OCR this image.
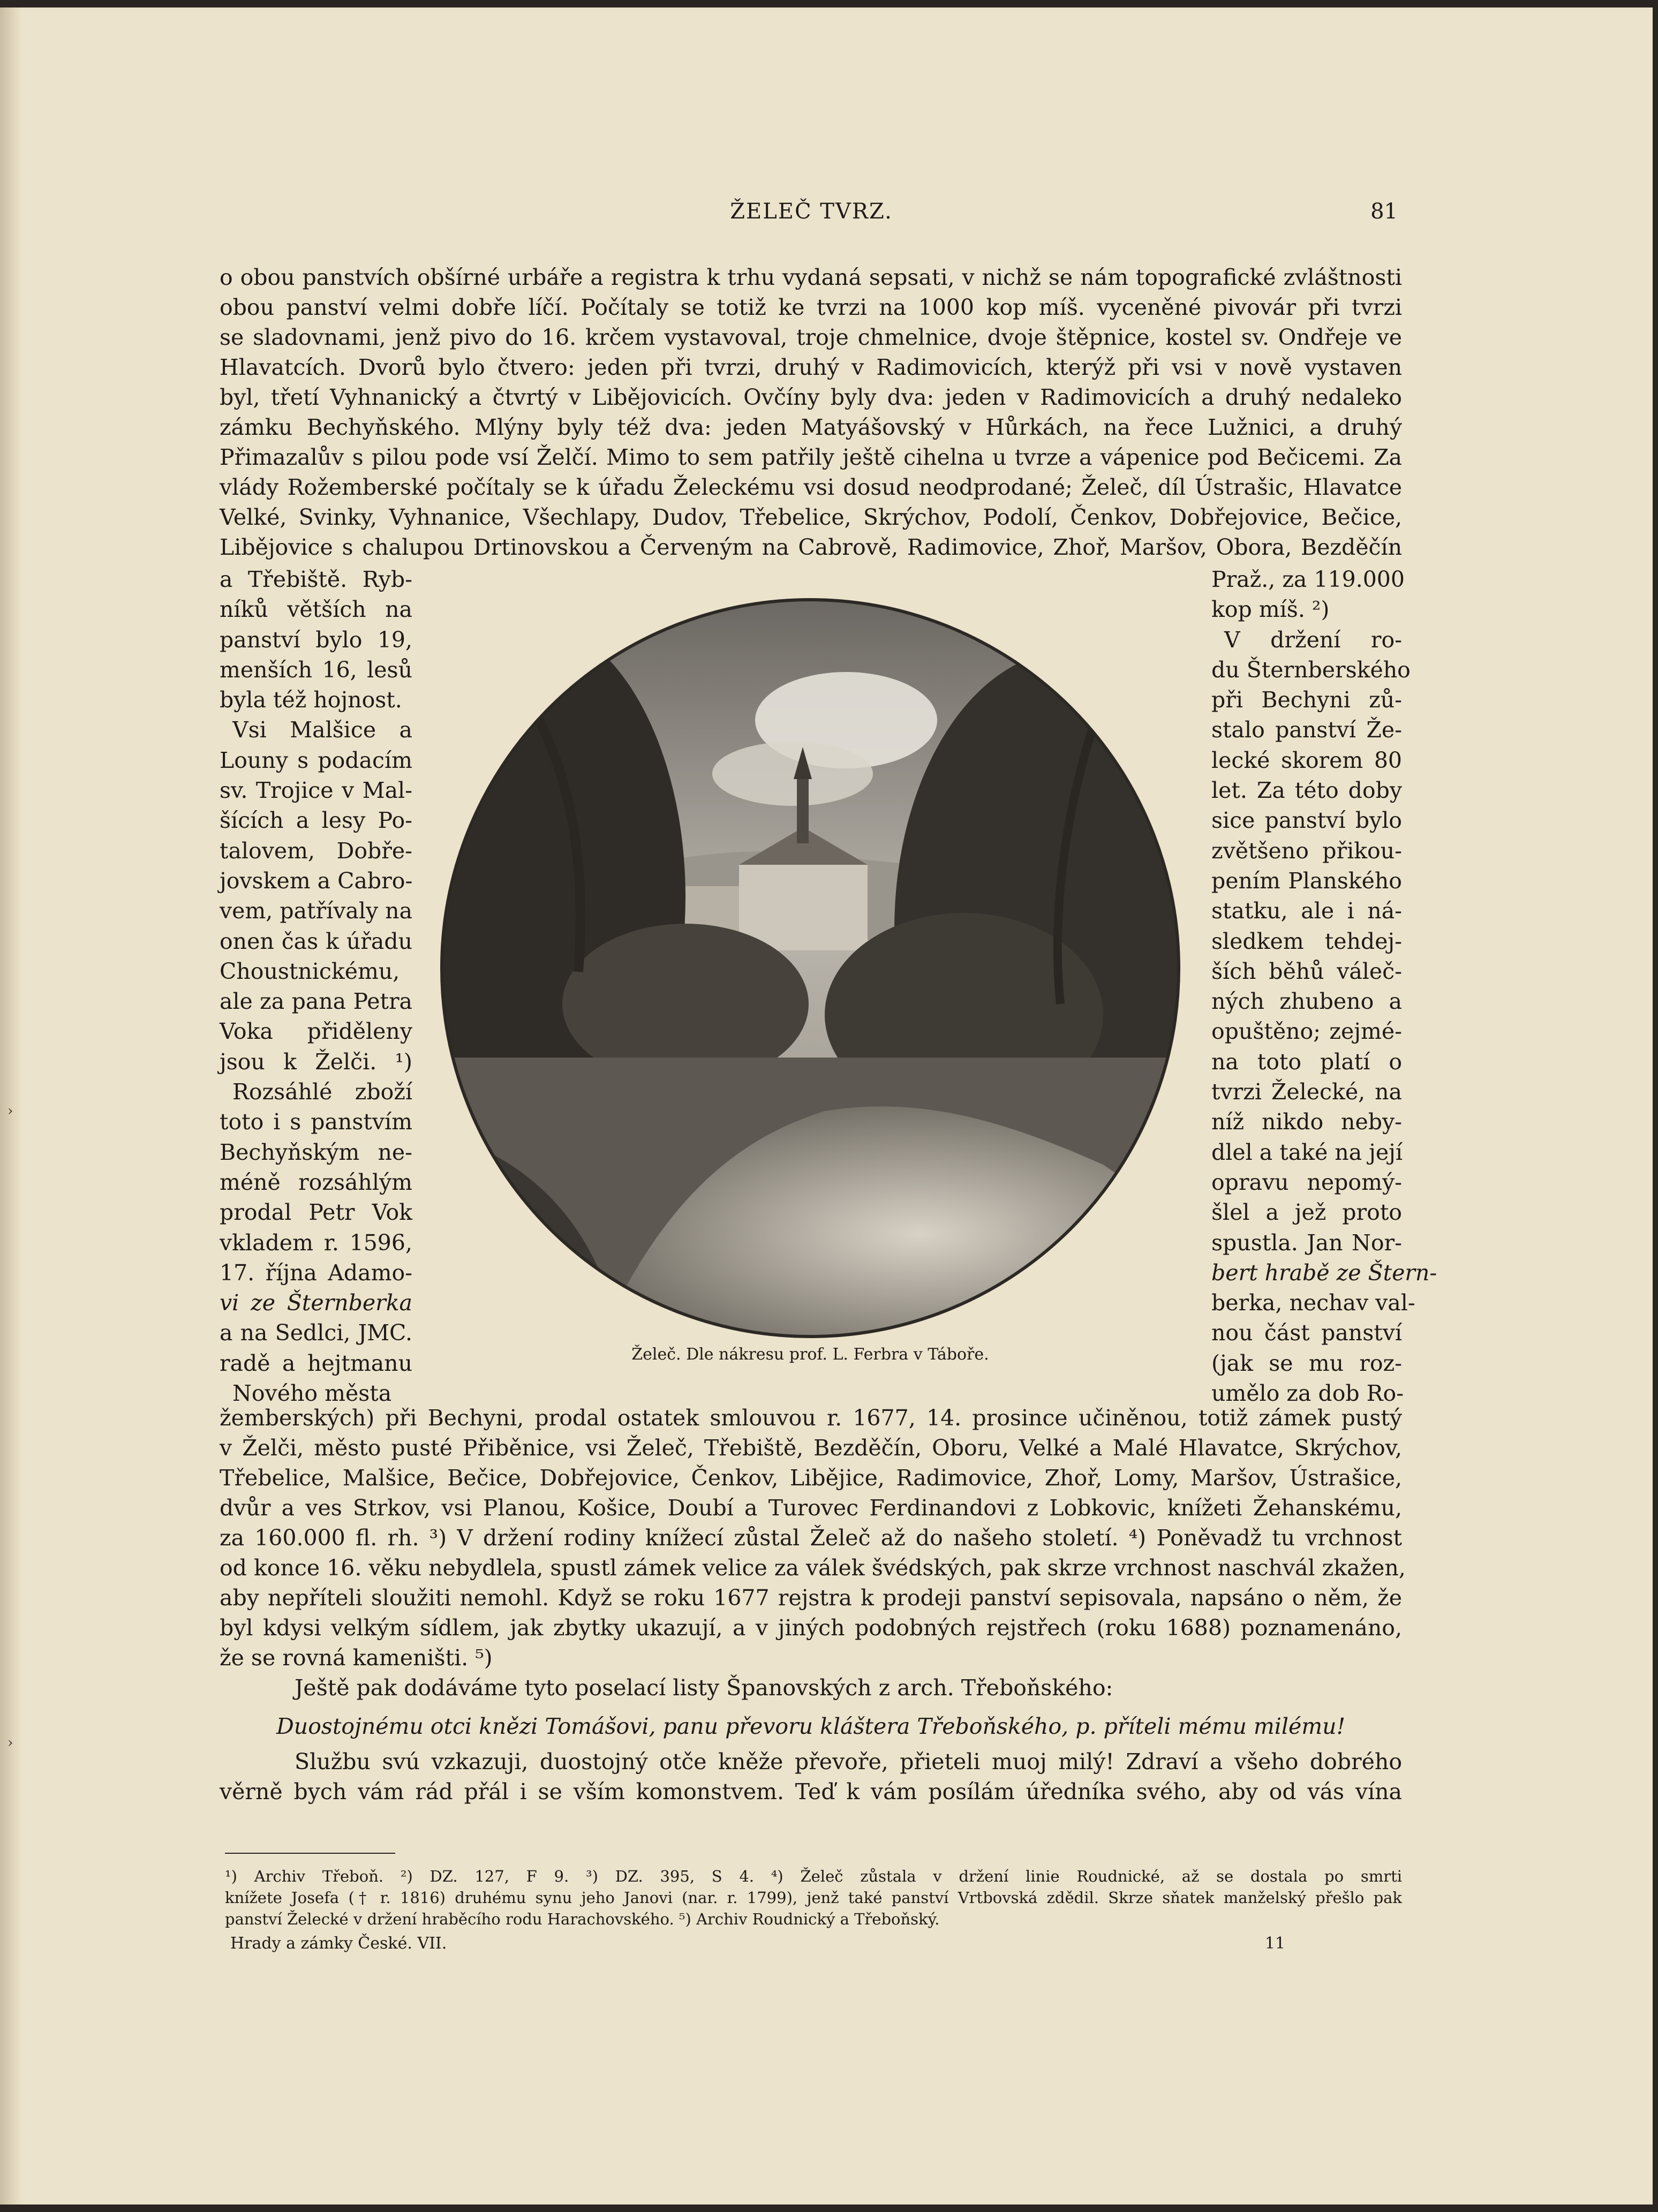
›
›
ŽELEČ TVRZ.	81
o obou panstvích obšírné urbáře a registra k trhu vydaná sepsati, v nichž se nám topografické zvláštnosti
obou panství velmi dobře líčí. Počítaly se totiž ke tvrzi na 1000 kop míš. vyceněné pivovár při tvrzi
se sladovnami, jenž pivo do 16. krčem vystavoval, troje chmelnice, dvoje štěpnice, kostel sv. Ondřeje ve
Hlavatcích. Dvorů bylo čtvero: jeden při tvrzi, druhý v Radimovicích, kterýž při vsi v nově vystaven
byl, třetí Vyhnanický a čtvrtý v Libějovicích. Ovčíny byly dva: jeden v Radimovicích a druhý nedaleko
zámku Bechyňského. Mlýny byly též dva: jeden Matyášovský v Hůrkách, na řece Lužnici, a druhý
Přimazalův s pilou pode vsí Želčí. Mimo to sem patřily ještě cihelna u tvrze a vápenice pod Bečicemi. Za
vlády Rožemberské počítaly se k úřadu Želeckému vsi dosud neodprodané; Želeč, díl Ústrašic, Hlavatce
Velké, Svinky, Vyhnanice, Všechlapy, Dudov, Třebelice, Skrýchov, Podolí, Čenkov, Dobřejovice, Bečice,
Libějovice s chalupou Drtinovskou a Červeným na Cabrově, Radimovice, Zhoř, Maršov, Obora, Bezděčín
a Třebiště. Ryb-
níků větších na
panství bylo 19,
menších 16, lesů
byla též hojnost.
Vsi Malšice a
Louny s podacím
sv. Trojice v Mal-
šících a lesy Po-
talovem, Dobře-
jovskem a Cabro-
vem, patřívaly na
onen čas k úřadu
Choustnickému,
ale za pana Petra
Voka přiděleny
jsou k Želči. ¹)
Rozsáhlé zboží
toto i s panstvím
Bechyňským ne-
méně rozsáhlým
prodal Petr Vok
vkladem r. 1596,
17. října Adamo-
vi ze Šternberka
a na Sedlci, JMC.
radě a hejtmanu
Nového města
Želeč. Dle nákresu prof. L. Ferbra v Táboře.
Praž., za 119.000
kop míš. ²)
V držení ro-
du Šternberského
při Bechyni zů-
stalo panství Že-
lecké skorem 80
let. Za této doby
sice panství bylo
zvětšeno přikou-
pením Planského
statku, ale i ná-
sledkem tehdej-
ších běhů váleč-
ných zhubeno a
opuštěno; zejmé-
na toto platí o
tvrzi Želecké, na
níž nikdo neby-
dlel a také na její
opravu nepomý-
šlel a jež proto
spustla. Jan Nor-
bert hrabě ze Štern-
berka, nechav val-
nou část panství
(jak se mu roz-
umělo za dob Ro-
žemberských) při Bechyni, prodal ostatek smlouvou r. 1677, 14. prosince učiněnou, totiž zámek pustý
v Želči, město pusté Přiběnice, vsi Želeč, Třebiště, Bezděčín, Oboru, Velké a Malé Hlavatce, Skrýchov,
Třebelice, Malšice, Bečice, Dobřejovice, Čenkov, Libějice, Radimovice, Zhoř, Lomy, Maršov, Ústrašice,
dvůr a ves Strkov, vsi Planou, Košice, Doubí a Turovec Ferdinandovi z Lobkovic, knížeti Žehanskému,
za 160.000 fl. rh. ³) V držení rodiny knížecí zůstal Želeč až do našeho století. ⁴) Poněvadž tu vrchnost
od konce 16. věku nebydlela, spustl zámek velice za válek švédských, pak skrze vrchnost naschvál zkažen,
aby nepříteli sloužiti nemohl. Když se roku 1677 rejstra k prodeji panství sepisovala, napsáno o něm, že
byl kdysi velkým sídlem, jak zbytky ukazují, a v jiných podobných rejstřech (roku 1688) poznamenáno,
že se rovná kameništi. ⁵)
Ještě pak dodáváme tyto poselací listy Španovských z arch. Třeboňského:
Duostojnému otci knězi Tomášovi, panu převoru kláštera Třeboňského, p. příteli mému milému!
Službu svú vzkazuji, duostojný otče kněže převoře, přieteli muoj milý! Zdraví a všeho dobrého
věrně bych vám rád přál i se vším komonstvem. Teď k vám posílám úředníka svého, aby od vás vína
¹) Archiv Třeboň. ²) DZ. 127, F 9. ³) DZ. 395, S 4. ⁴) Želeč zůstala v držení linie Roudnické, až se dostala po smrti
knížete Josefa († r. 1816) druhému synu jeho Janovi (nar. r. 1799), jenž také panství Vrtbovská zdědil. Skrze sňatek manželský přešlo pak
panství Želecké v držení hraběcího rodu Harachovského. ⁵) Archiv Roudnický a Třeboňský.
Hrady a zámky České. VII.	11
